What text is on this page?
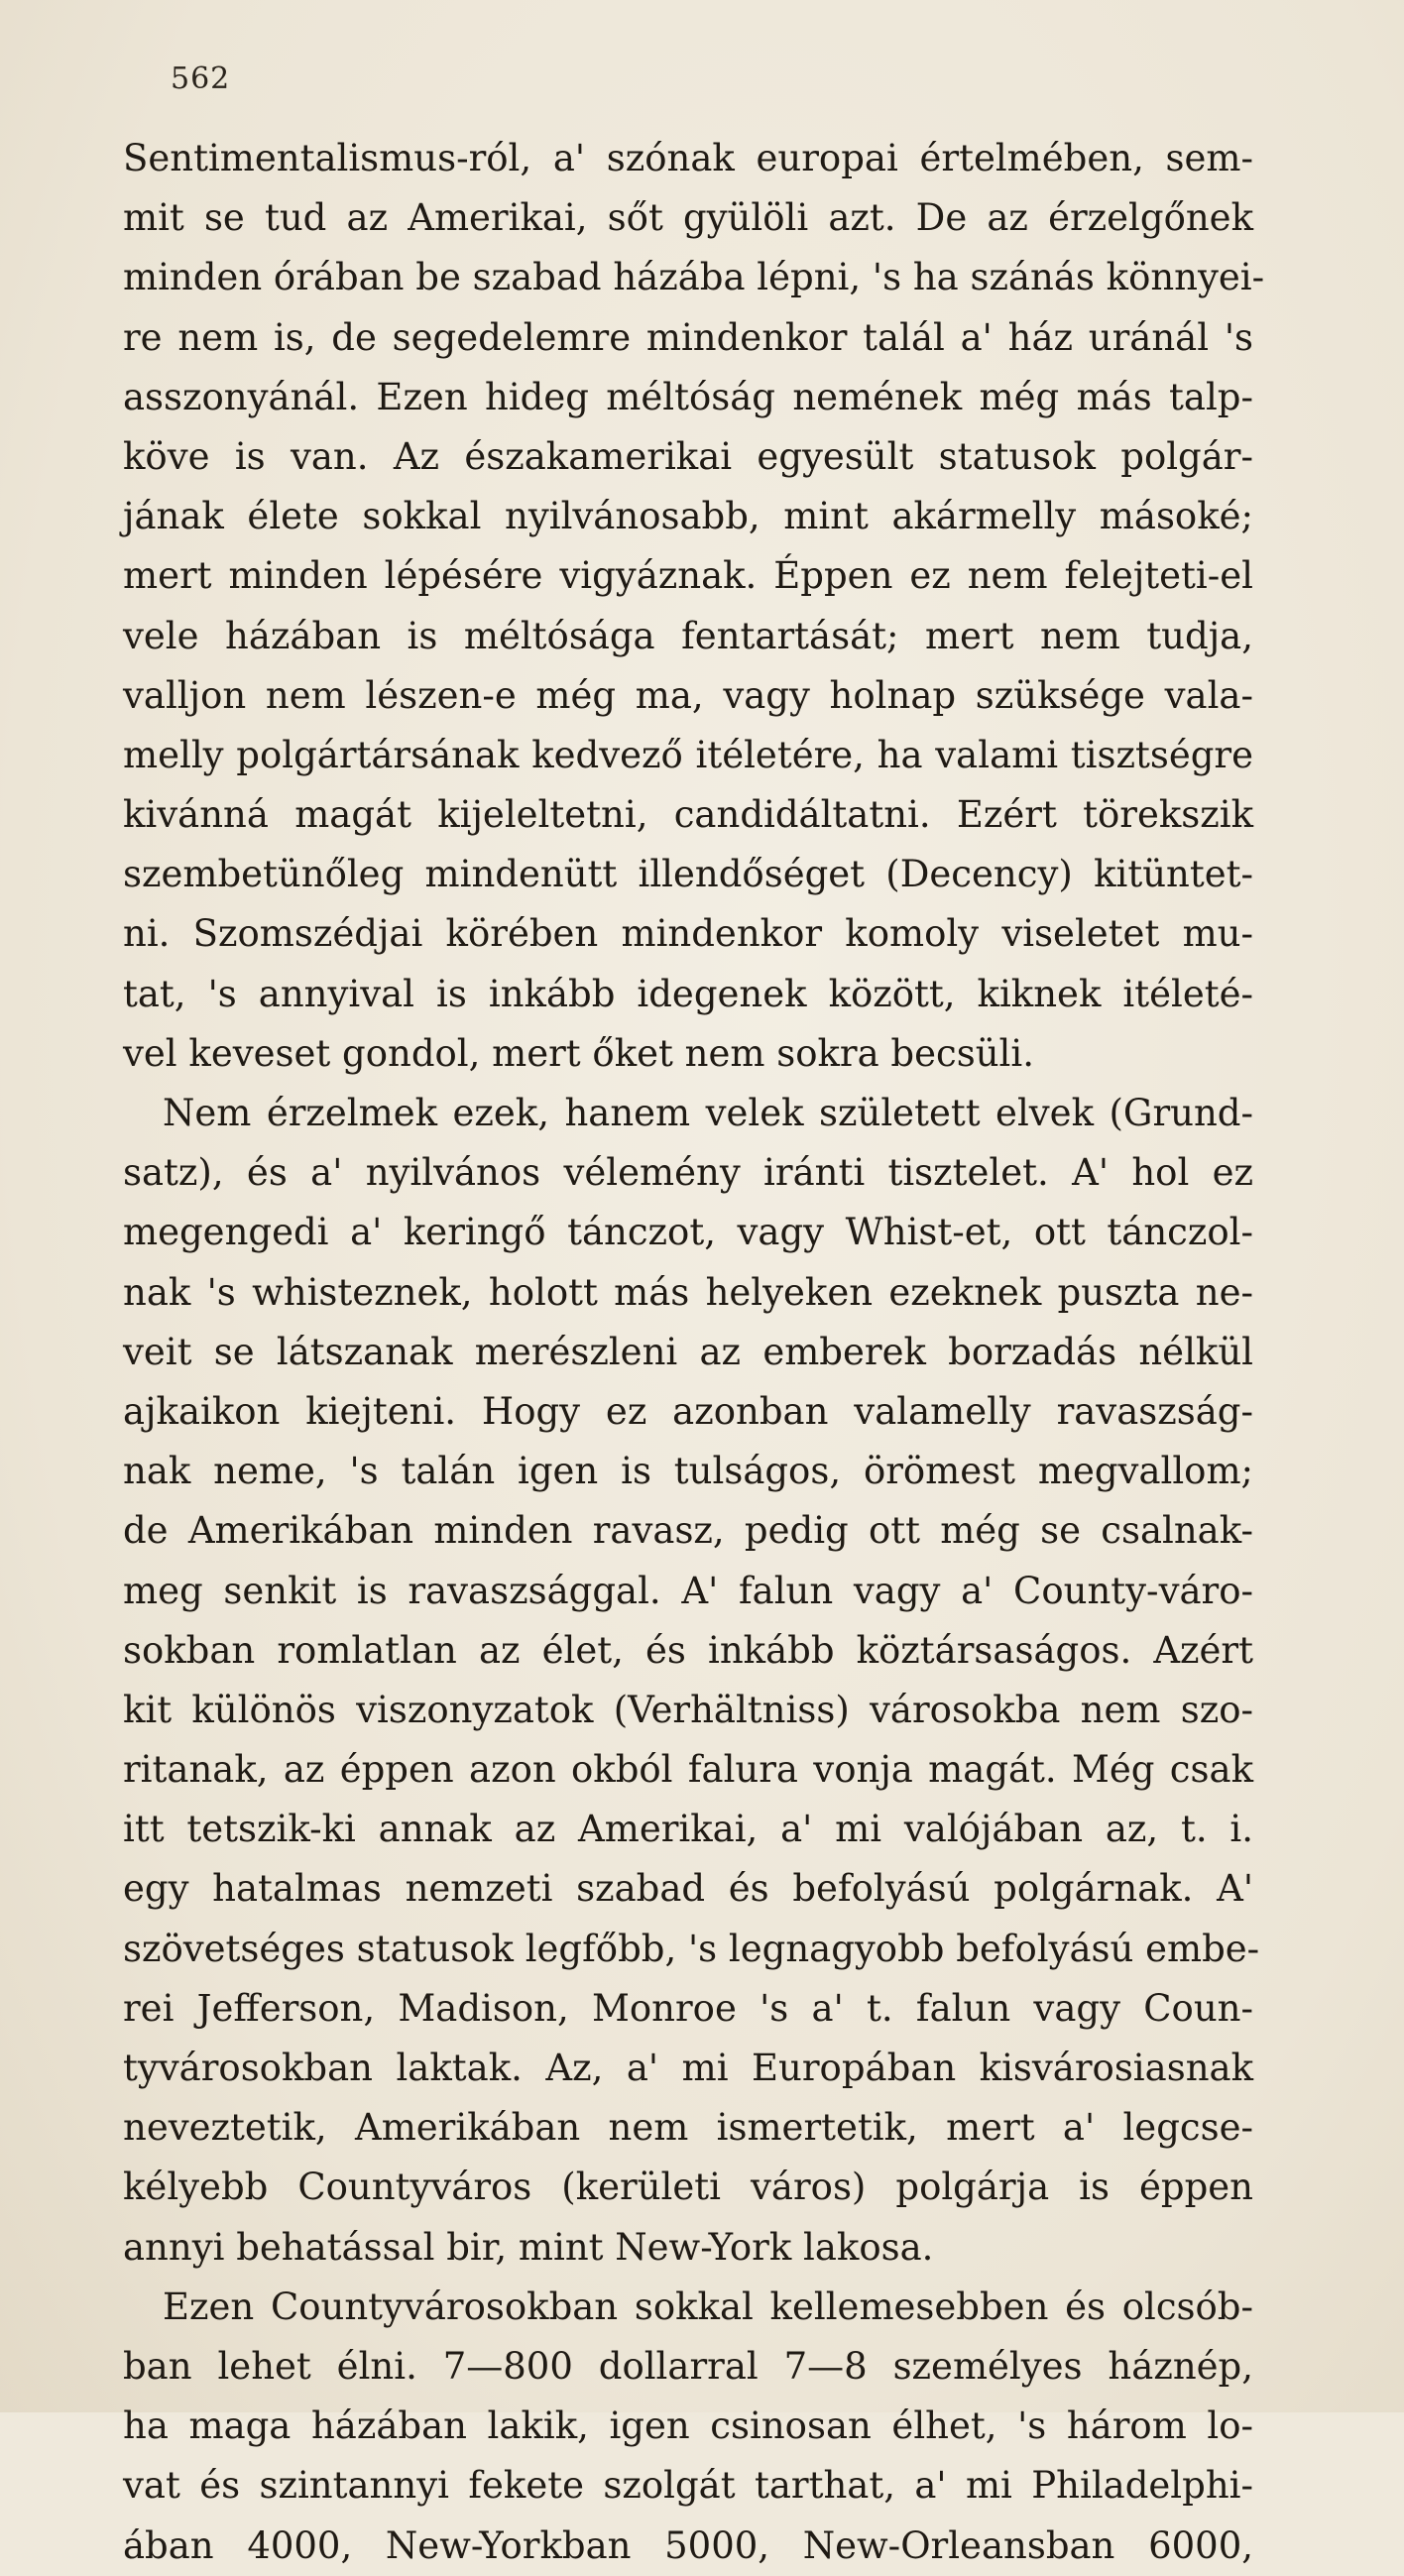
562
Sentimentalismus-ról, a' szónak europai értelmében, sem-
mit se tud az Amerikai, sőt gyülöli azt. De az érzelgőnek
minden órában be szabad házába lépni, 's ha szánás könnyei-
re nem is, de segedelemre mindenkor talál a' ház uránál 's
asszonyánál. Ezen hideg méltóság nemének még más talp-
köve is van. Az északamerikai egyesült statusok polgár-
jának élete sokkal nyilvánosabb, mint akármelly másoké;
mert minden lépésére vigyáznak. Éppen ez nem felejteti-el
vele házában is méltósága fentartását; mert nem tudja,
valljon nem lészen-e még ma, vagy holnap szüksége vala-
melly polgártársának kedvező itéletére, ha valami tisztségre
kivánná magát kijeleltetni, candidáltatni. Ezért törekszik
szembetünőleg mindenütt illendőséget (Decency) kitüntet-
ni. Szomszédjai körében mindenkor komoly viseletet mu-
tat, 's annyival is inkább idegenek között, kiknek itéleté-
vel keveset gondol, mert őket nem sokra becsüli.
Nem érzelmek ezek, hanem velek született elvek (Grund-
satz), és a' nyilvános vélemény iránti tisztelet. A' hol ez
megengedi a' keringő tánczot, vagy Whist-et, ott tánczol-
nak 's whisteznek, holott más helyeken ezeknek puszta ne-
veit se látszanak merészleni az emberek borzadás nélkül
ajkaikon kiejteni. Hogy ez azonban valamelly ravaszság-
nak neme, 's talán igen is tulságos, örömest megvallom;
de Amerikában minden ravasz, pedig ott még se csalnak-
meg senkit is ravaszsággal. A' falun vagy a' County-váro-
sokban romlatlan az élet, és inkább köztársaságos. Azért
kit különös viszonyzatok (Verhältniss) városokba nem szo-
ritanak, az éppen azon okból falura vonja magát. Még csak
itt tetszik-ki annak az Amerikai, a' mi valójában az, t. i.
egy hatalmas nemzeti szabad és befolyású polgárnak. A'
szövetséges statusok legfőbb, 's legnagyobb befolyású embe-
rei Jefferson, Madison, Monroe 's a' t. falun vagy Coun-
tyvárosokban laktak. Az, a' mi Europában kisvárosiasnak
neveztetik, Amerikában nem ismertetik, mert a' legcse-
kélyebb Countyváros (kerületi város) polgárja is éppen
annyi behatással bir, mint New-York lakosa.
Ezen Countyvárosokban sokkal kellemesebben és olcsób-
ban lehet élni. 7—800 dollarral 7—8 személyes háznép,
ha maga házában lakik, igen csinosan élhet, 's három lo-
vat és szintannyi fekete szolgát tarthat, a' mi Philadelphi-
ában 4000, New-Yorkban 5000, New-Orleansban 6000,
